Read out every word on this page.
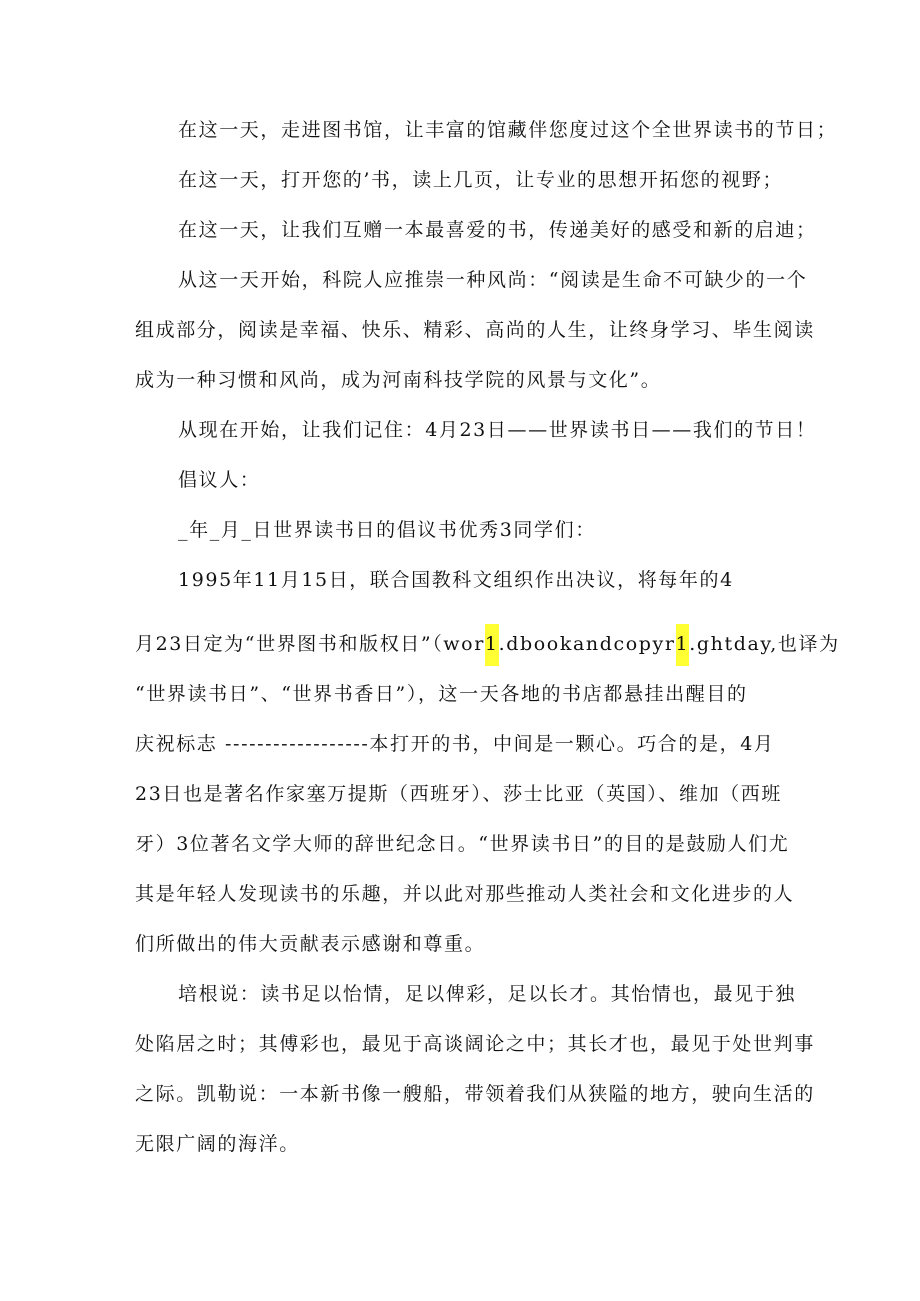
在这一天，走进图书馆，让丰富的馆藏伴您度过这个全世界读书的节日；
在这一天，打开您的’书，读上几页，让专业的思想开拓您的视野；
在这一天，让我们互赠一本最喜爱的书，传递美好的感受和新的启迪；
从这一天开始，科院人应推崇一种风尚：“阅读是生命不可缺少的一个
组成部分，阅读是幸福、快乐、精彩、高尚的人生，让终身学习、毕生阅读
成为一种习惯和风尚，成为河南科技学院的风景与文化”。
从现在开始，让我们记住：4月23日——世界读书日——我们的节日！
倡议人：
_年_月_日世界读书日的倡议书优秀3同学们：
1995年11月15日，联合国教科文组织作出决议，将每年的4
月23日定为“世界图书和版权日”（wor1.dbookandcopyr1.ghtday,也译为
“世界读书日”、“世界书香日”），这一天各地的书店都悬挂出醒目的
庆祝标志 ------------------本打开的书，中间是一颗心。巧合的是，4月
23日也是著名作家塞万提斯（西班牙）、莎士比亚（英国）、维加（西班
牙）3位著名文学大师的辞世纪念日。“世界读书日”的目的是鼓励人们尤
其是年轻人发现读书的乐趣，并以此对那些推动人类社会和文化进步的人
们所做出的伟大贡献表示感谢和尊重。
培根说：读书足以怡情，足以俾彩，足以长才。其怡情也，最见于独
处陷居之时；其傅彩也，最见于高谈阔论之中；其长才也，最见于处世判事
之际。凯勒说：一本新书像一艘船，带领着我们从狭隘的地方，驶向生活的
无限广阔的海洋。
